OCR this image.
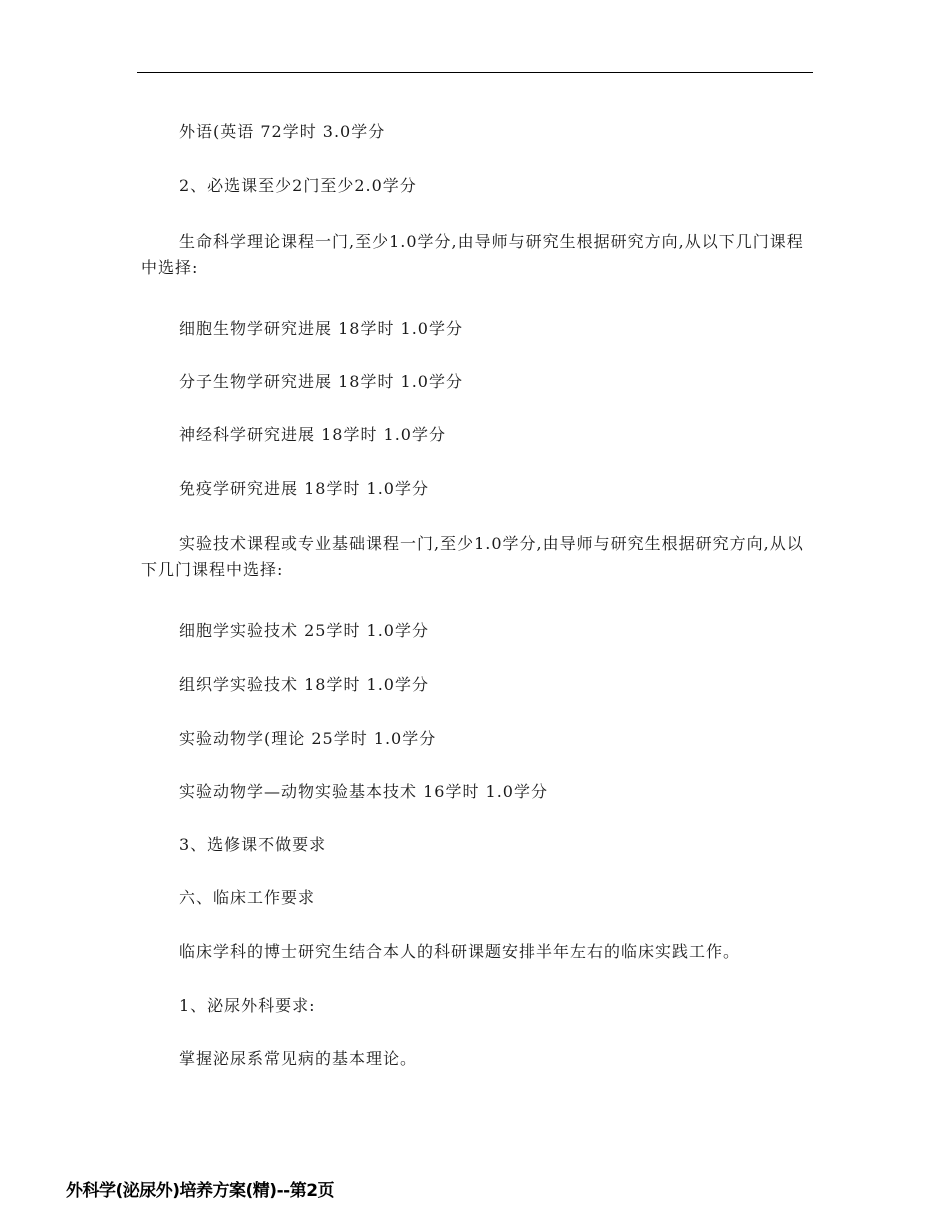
外语(英语 72学时 3.0学分

2、必选课至少2门至少2.0学分

生命科学理论课程一门,至少1.0学分,由导师与研究生根据研究方向,从以下几门课程中选择:

细胞生物学研究进展 18学时 1.0学分

分子生物学研究进展 18学时 1.0学分

神经科学研究进展 18学时 1.0学分

免疫学研究进展 18学时 1.0学分

实验技术课程或专业基础课程一门,至少1.0学分,由导师与研究生根据研究方向,从以下几门课程中选择:

细胞学实验技术 25学时 1.0学分

组织学实验技术 18学时 1.0学分

实验动物学(理论 25学时 1.0学分

实验动物学—动物实验基本技术 16学时 1.0学分

3、选修课不做要求

六、临床工作要求

临床学科的博士研究生结合本人的科研课题安排半年左右的临床实践工作。

1、泌尿外科要求:

掌握泌尿系常见病的基本理论。

外科学(泌尿外)培养方案(精)--第2页
